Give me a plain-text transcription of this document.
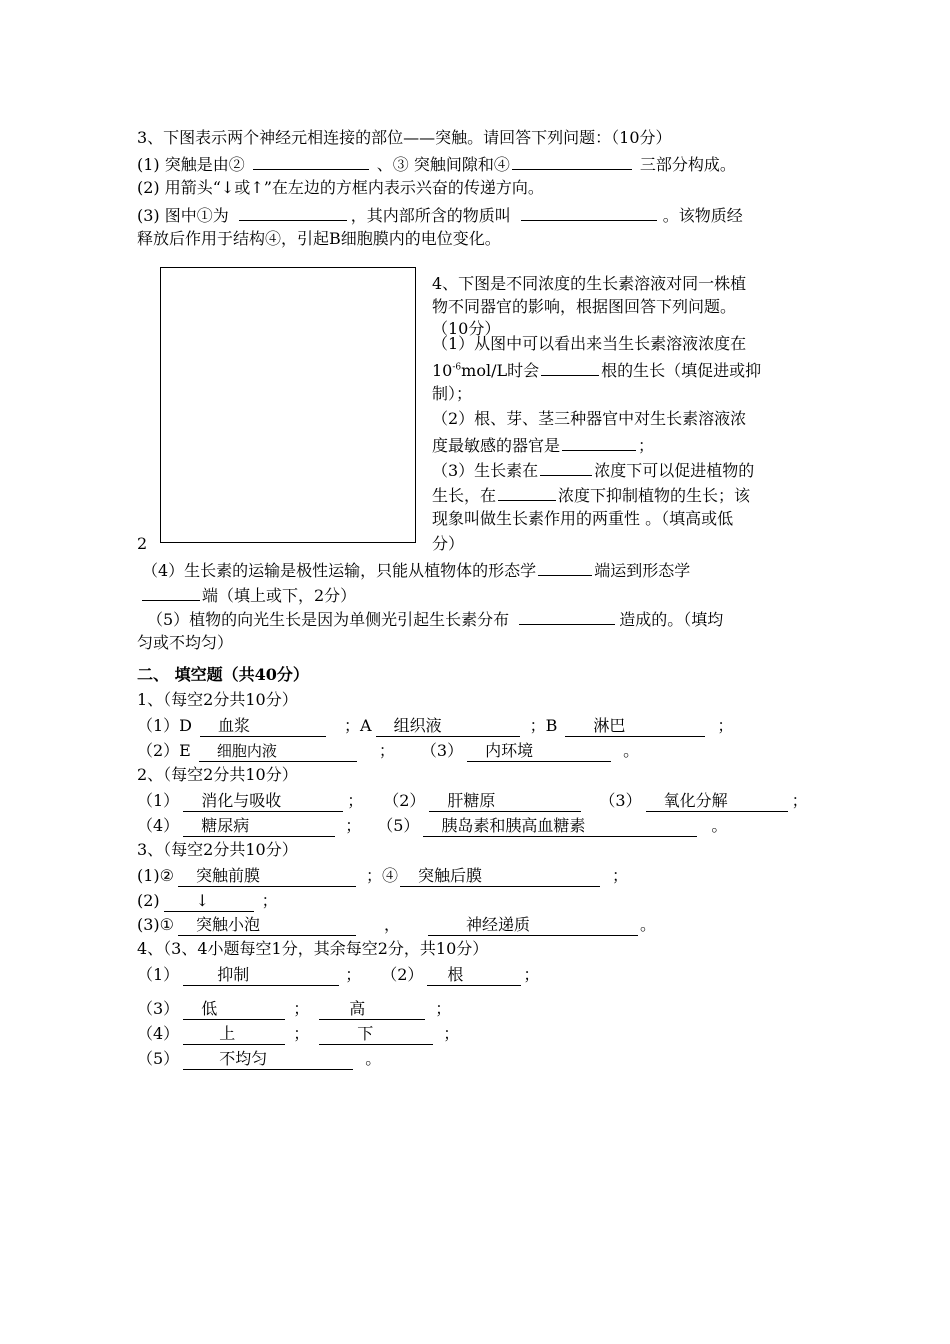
3、下图表示两个神经元相连接的部位——突触。请回答下列问题：（10分）
(1) 突触是由②	、③ 突触间隙和④	三部分构成。
(2) 用箭头“↓或↑”在左边的方框内表示兴奋的传递方向。
(3) 图中①为	，其内部所含的物质叫	。该物质经
释放后作用于结构④，引起B细胞膜内的电位变化。
4、下图是不同浓度的生长素溶液对同一株植
物不同器官的影响，根据图回答下列问题。
（10分）
（1）从图中可以看出来当生长素溶液浓度在
$10^{-6}mol/L$时会	根的生长（填促进或抑
制）；
（2）根、芽、茎三种器官中对生长素溶液浓
度最敏感的器官是	；
（3）生长素在	浓度下可以促进植物的
生长，在	浓度下抑制植物的生长；该
现象叫做生长素作用的两重性 。（填高或低
分）
2
（4）生长素的运输是极性运输，只能从植物体的形态学	端运到形态学
端（填上或下，2分）
（5）植物的向光生长是因为单侧光引起生长素分布	造成的。（填均
匀或不均匀）
二、 填空题（共40分）
1、（每空2分共10分）
（1）D 血浆	；A 组织液	；B 淋巴	；
（2）E 细胞内液	； （3） 内环境	。
2、（每空2分共10分）
（1） 消化与吸收	； （2） 肝糖原	（3） 氧化分解	；
（4） 糖尿病	； （5） 胰岛素和胰高血糖素	。
3、（每空2分共10分）
(1)② 突触前膜	；④ 突触后膜	；
(2) ↓	；
(3)① 突触小泡	，	神经递质	。
4、（3、4小题每空1分，其余每空2分，共10分）
（1） 抑制	； （2） 根	；
（3） 低	；	高	；
（4）	上	；	下	；
（5）	不均匀	。
